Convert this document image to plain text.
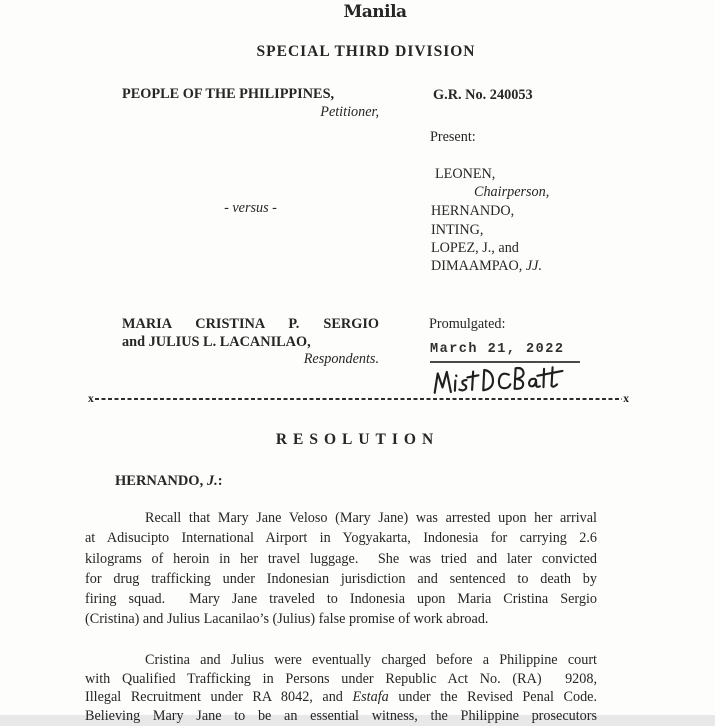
Manila
SPECIAL THIRD DIVISION
PEOPLE OF THE PHILIPPINES,
Petitioner,
- versus -
MARIA CRISTINA P. SERGIO
and JULIUS L. LACANILAO,
Respondents.
G.R. No. 240053
Present:
LEONEN,
Chairperson,
HERNANDO,
INTING,
LOPEZ, J., and
DIMAAMPAO, JJ.
Promulgated:
March 21, 2022
x	x
RESOLUTION
HERNANDO, J.:
Recall that Mary Jane Veloso (Mary Jane) was arrested upon her arrival
at Adisucipto International Airport in Yogyakarta, Indonesia for carrying 2.6
kilograms of heroin in her travel luggage.  She was tried and later convicted
for drug trafficking under Indonesian jurisdiction and sentenced to death by
firing squad.  Mary Jane traveled to Indonesia upon Maria Cristina Sergio
(Cristina) and Julius Lacanilao’s (Julius) false promise of work abroad.
Cristina and Julius were eventually charged before a Philippine court
with Qualified Trafficking in Persons under Republic Act No. (RA)  9208,
Illegal Recruitment under RA 8042, and Estafa under the Revised Penal Code.
Believing Mary Jane to be an essential witness, the Philippine prosecutors
